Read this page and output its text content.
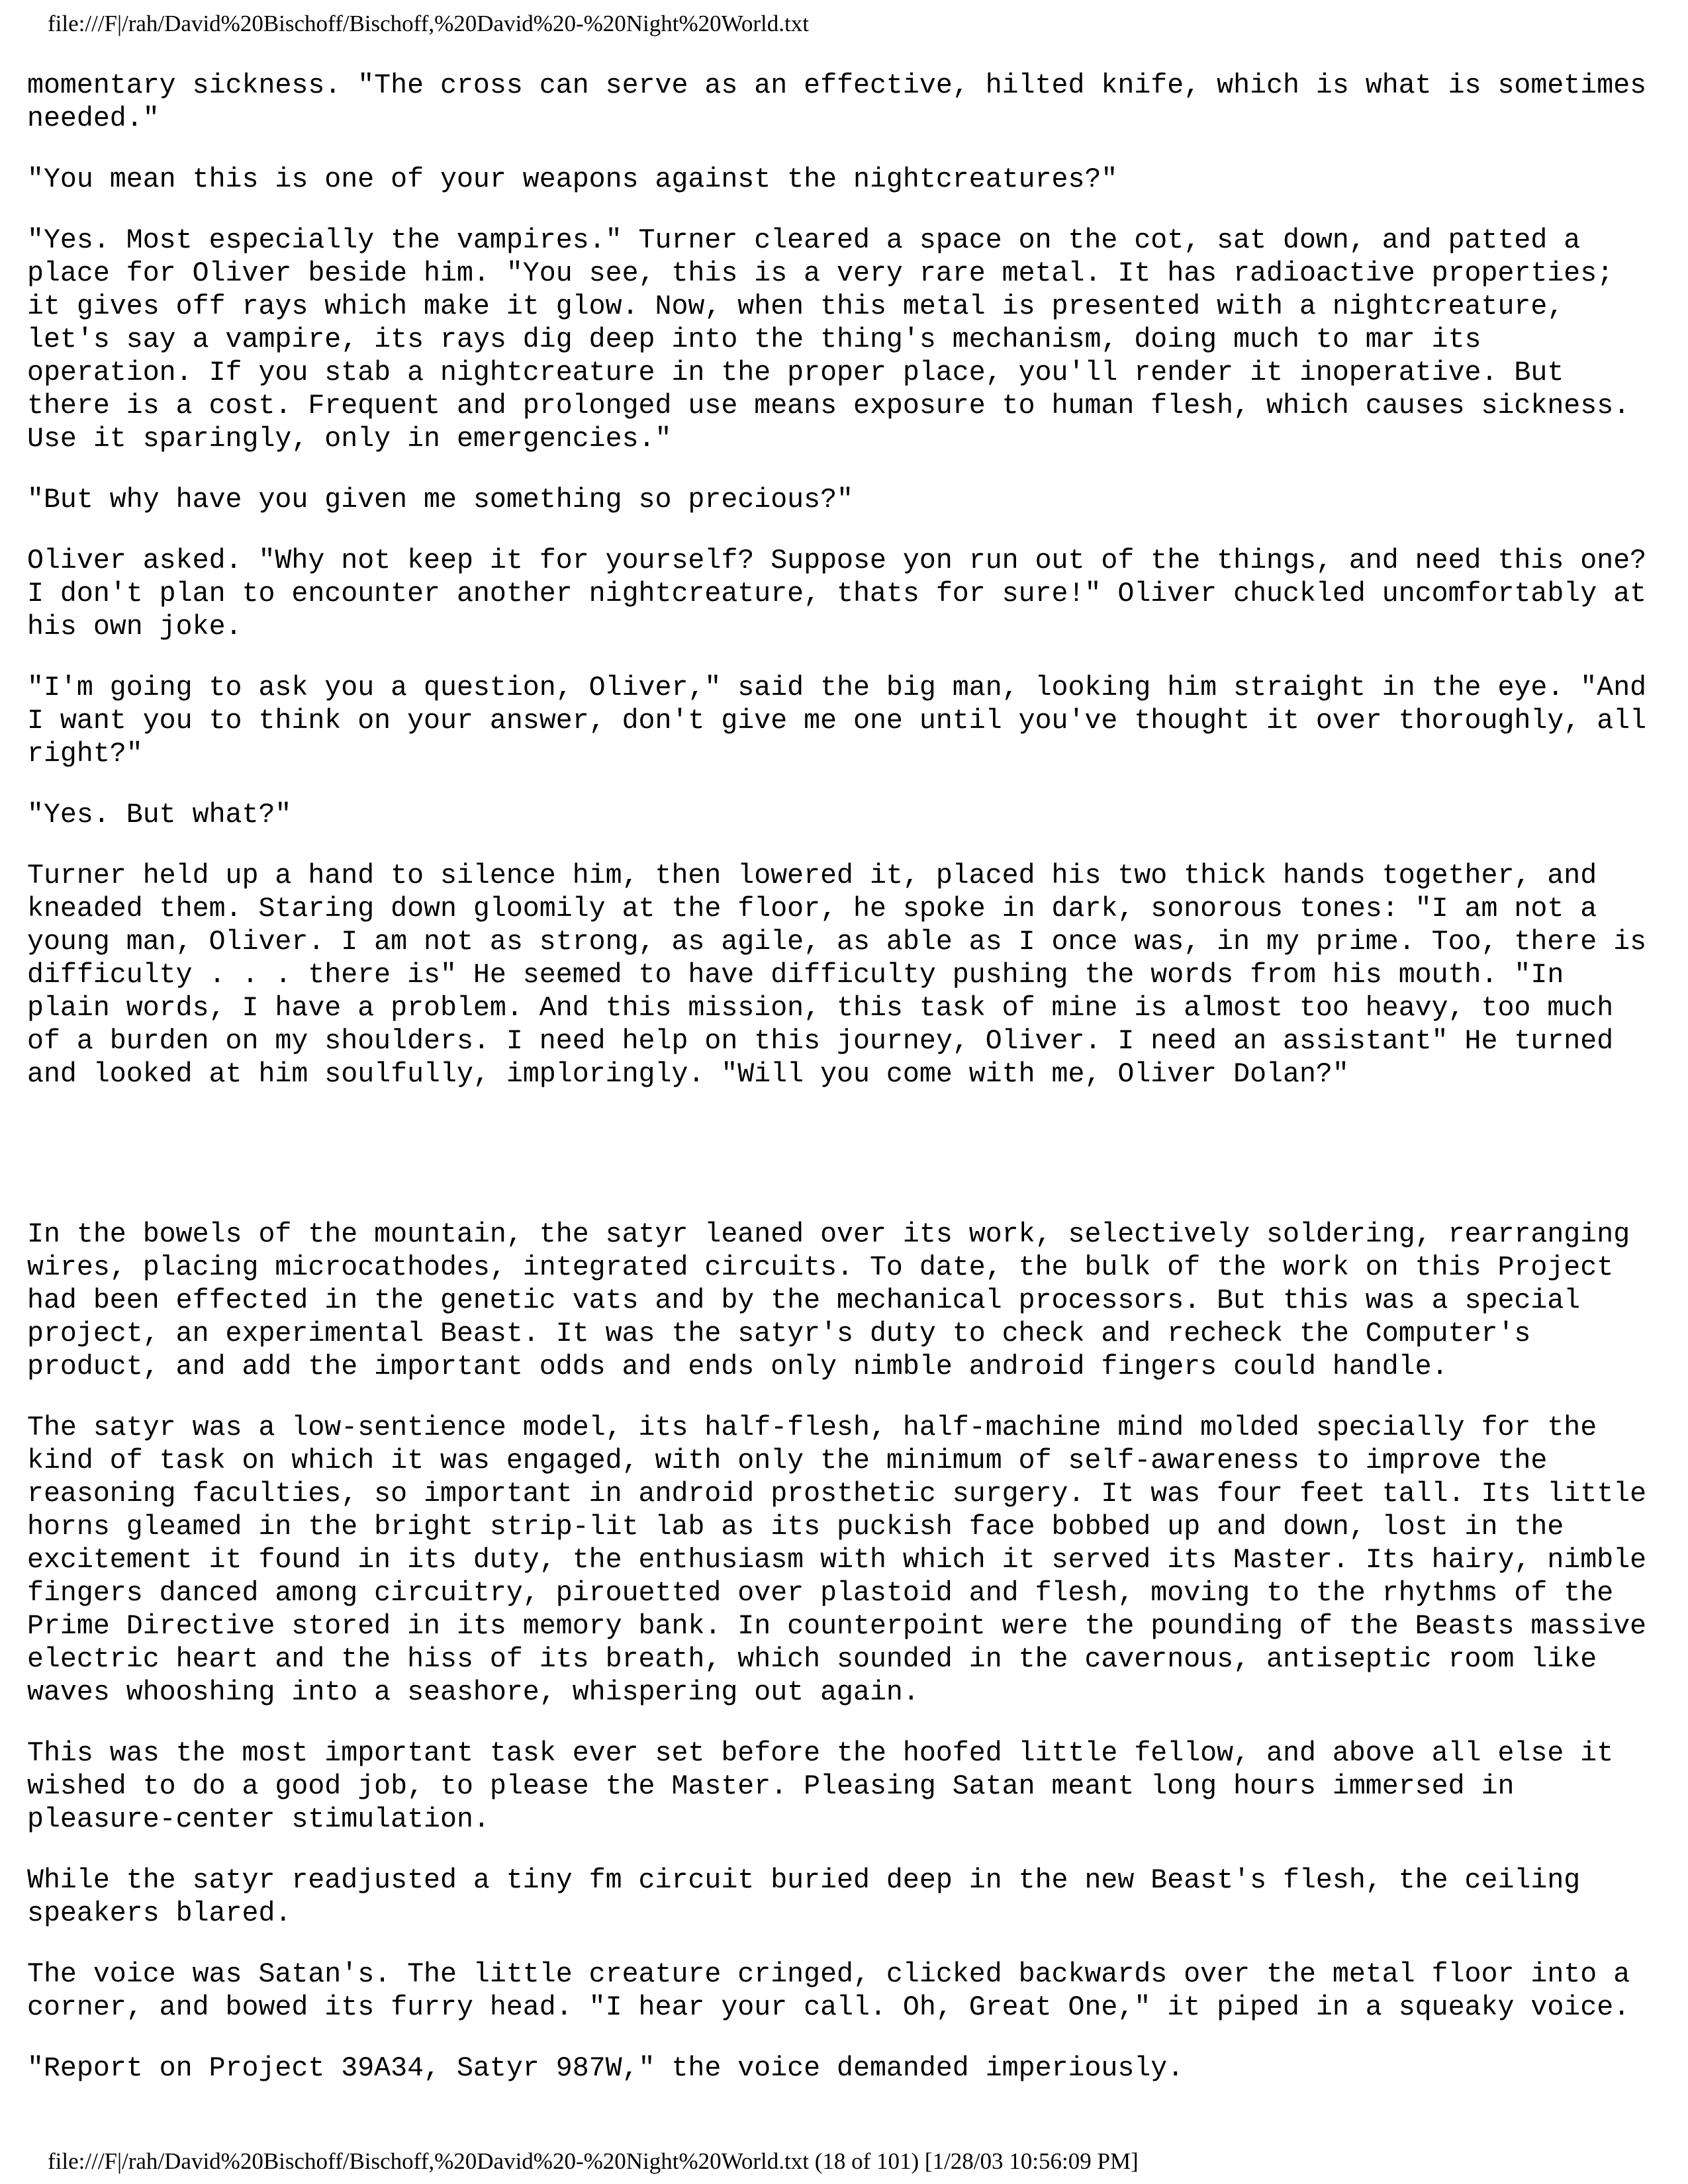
file:///F|/rah/David%20Bischoff/Bischoff,%20David%20-%20Night%20World.txt

momentary sickness. "The cross can serve as an effective, hilted knife, which is what is sometimes
needed."

"You mean this is one of your weapons against the nightcreatures?"

"Yes. Most especially the vampires." Turner cleared a space on the cot, sat down, and patted a
place for Oliver beside him. "You see, this is a very rare metal. It has radioactive properties;
it gives off rays which make it glow. Now, when this metal is presented with a nightcreature,
let's say a vampire, its rays dig deep into the thing's mechanism, doing much to mar its
operation. If you stab a nightcreature in the proper place, you'll render it inoperative. But
there is a cost. Frequent and prolonged use means exposure to human flesh, which causes sickness.
Use it sparingly, only in emergencies."

"But why have you given me something so precious?"

Oliver asked. "Why not keep it for yourself? Suppose yon run out of the things, and need this one?
I don't plan to encounter another nightcreature, thats for sure!" Oliver chuckled uncomfortably at
his own joke.

"I'm going to ask you a question, Oliver," said the big man, looking him straight in the eye. "And
I want you to think on your answer, don't give me one until you've thought it over thoroughly, all
right?"

"Yes. But what?"

Turner held up a hand to silence him, then lowered it, placed his two thick hands together, and
kneaded them. Staring down gloomily at the floor, he spoke in dark, sonorous tones: "I am not a
young man, Oliver. I am not as strong, as agile, as able as I once was, in my prime. Too, there is
difficulty . . . there is" He seemed to have difficulty pushing the words from his mouth. "In
plain words, I have a problem. And this mission, this task of mine is almost too heavy, too much
of a burden on my shoulders. I need help on this journey, Oliver. I need an assistant" He turned
and looked at him soulfully, imploringly. "Will you come with me, Oliver Dolan?"

In the bowels of the mountain, the satyr leaned over its work, selectively soldering, rearranging
wires, placing microcathodes, integrated circuits. To date, the bulk of the work on this Project
had been effected in the genetic vats and by the mechanical processors. But this was a special
project, an experimental Beast. It was the satyr's duty to check and recheck the Computer's
product, and add the important odds and ends only nimble android fingers could handle.

The satyr was a low-sentience model, its half-flesh, half-machine mind molded specially for the
kind of task on which it was engaged, with only the minimum of self-awareness to improve the
reasoning faculties, so important in android prosthetic surgery. It was four feet tall. Its little
horns gleamed in the bright strip-lit lab as its puckish face bobbed up and down, lost in the
excitement it found in its duty, the enthusiasm with which it served its Master. Its hairy, nimble
fingers danced among circuitry, pirouetted over plastoid and flesh, moving to the rhythms of the
Prime Directive stored in its memory bank. In counterpoint were the pounding of the Beasts massive
electric heart and the hiss of its breath, which sounded in the cavernous, antiseptic room like
waves whooshing into a seashore, whispering out again.

This was the most important task ever set before the hoofed little fellow, and above all else it
wished to do a good job, to please the Master. Pleasing Satan meant long hours immersed in
pleasure-center stimulation.

While the satyr readjusted a tiny fm circuit buried deep in the new Beast's flesh, the ceiling
speakers blared.

The voice was Satan's. The little creature cringed, clicked backwards over the metal floor into a
corner, and bowed its furry head. "I hear your call. Oh, Great One," it piped in a squeaky voice.

"Report on Project 39A34, Satyr 987W," the voice demanded imperiously.

file:///F|/rah/David%20Bischoff/Bischoff,%20David%20-%20Night%20World.txt (18 of 101) [1/28/03 10:56:09 PM]
